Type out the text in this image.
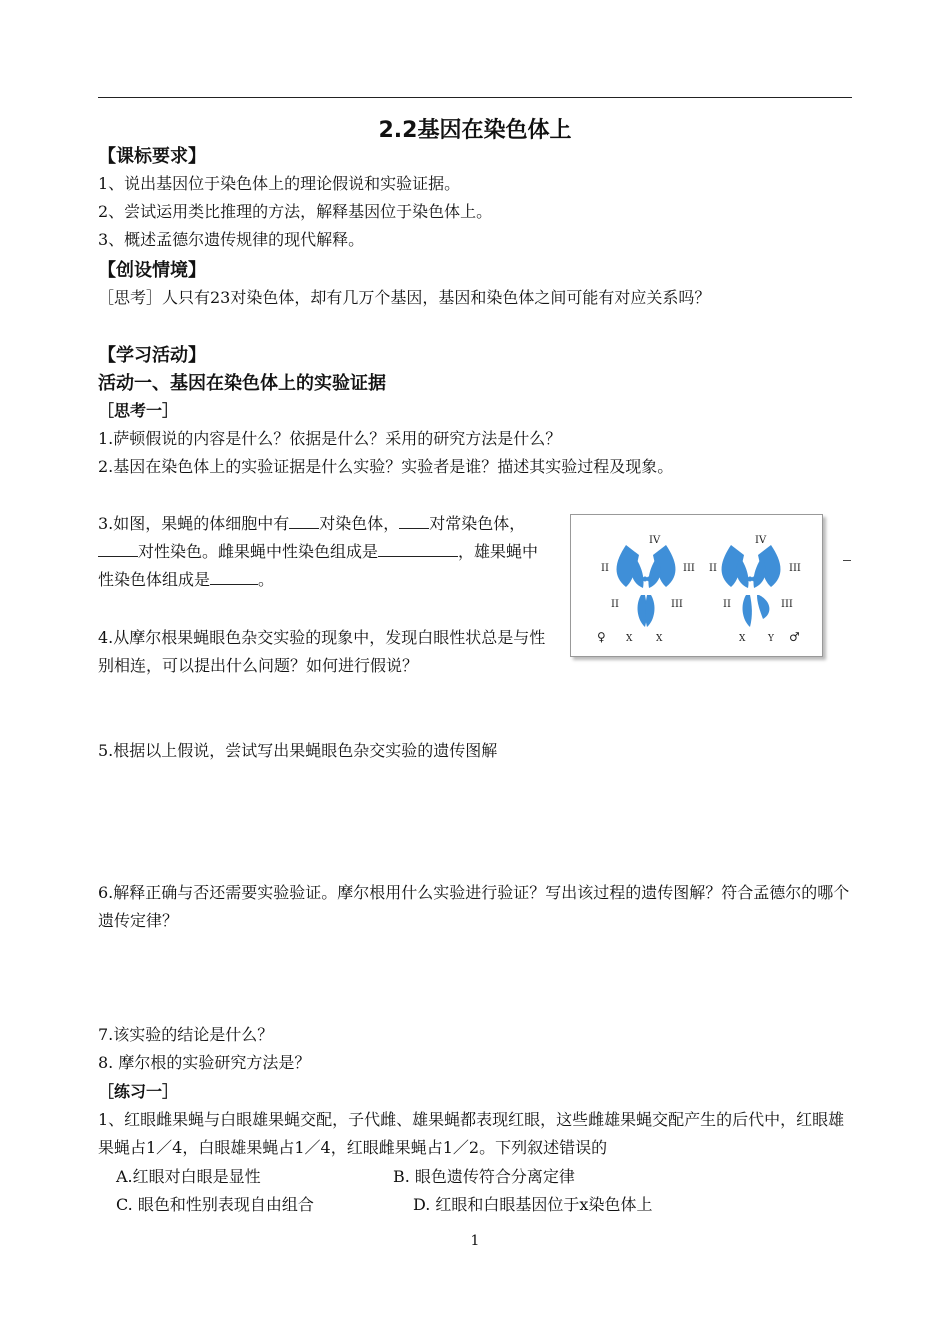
2.2基因在染色体上
【课标要求】
1、说出基因位于染色体上的理论假说和实验证据。
2、尝试运用类比推理的方法，解释基因位于染色体上。
3、概述孟德尔遗传规律的现代解释。
【创设情境】
［思考］人只有23对染色体，却有几万个基因，基因和染色体之间可能有对应关系吗？
【学习活动】
活动一、基因在染色体上的实验证据
［思考一］
1.萨顿假说的内容是什么？依据是什么？采用的研究方法是什么？
2.基因在染色体上的实验证据是什么实验？实验者是谁？描述其实验过程及现象。
3.如图，果蝇的体细胞中有 对染色体， 对常染色体，对性染色。雌果蝇中性染色组成是	，雄果蝇中性染色体组成是	。
4.从摩尔根果蝇眼色杂交实验的现象中，发现白眼性状总是与性别相连，可以提出什么问题？如何进行假说？
5.根据以上假说，尝试写出果蝇眼色杂交实验的遗传图解
6.解释正确与否还需要实验验证。摩尔根用什么实验进行验证？写出该过程的遗传图解？符合孟德尔的哪个遗传定律？
7.该实验的结论是什么？
8. 摩尔根的实验研究方法是？
IV
II	III
II	III
♀ X	X
IV
II	III
II	III
X	Y ♂
［练习一］
1、红眼雌果蝇与白眼雄果蝇交配，子代雌、雄果蝇都表现红眼，这些雌雄果蝇交配产生的后代中，红眼雄果蝇占1／4，白眼雄果蝇占1／4，红眼雌果蝇占1／2。下列叙述错误的
A.红眼对白眼是显性	B. 眼色遗传符合分离定律
C. 眼色和性别表现自由组合	D. 红眼和白眼基因位于x染色体上
1
